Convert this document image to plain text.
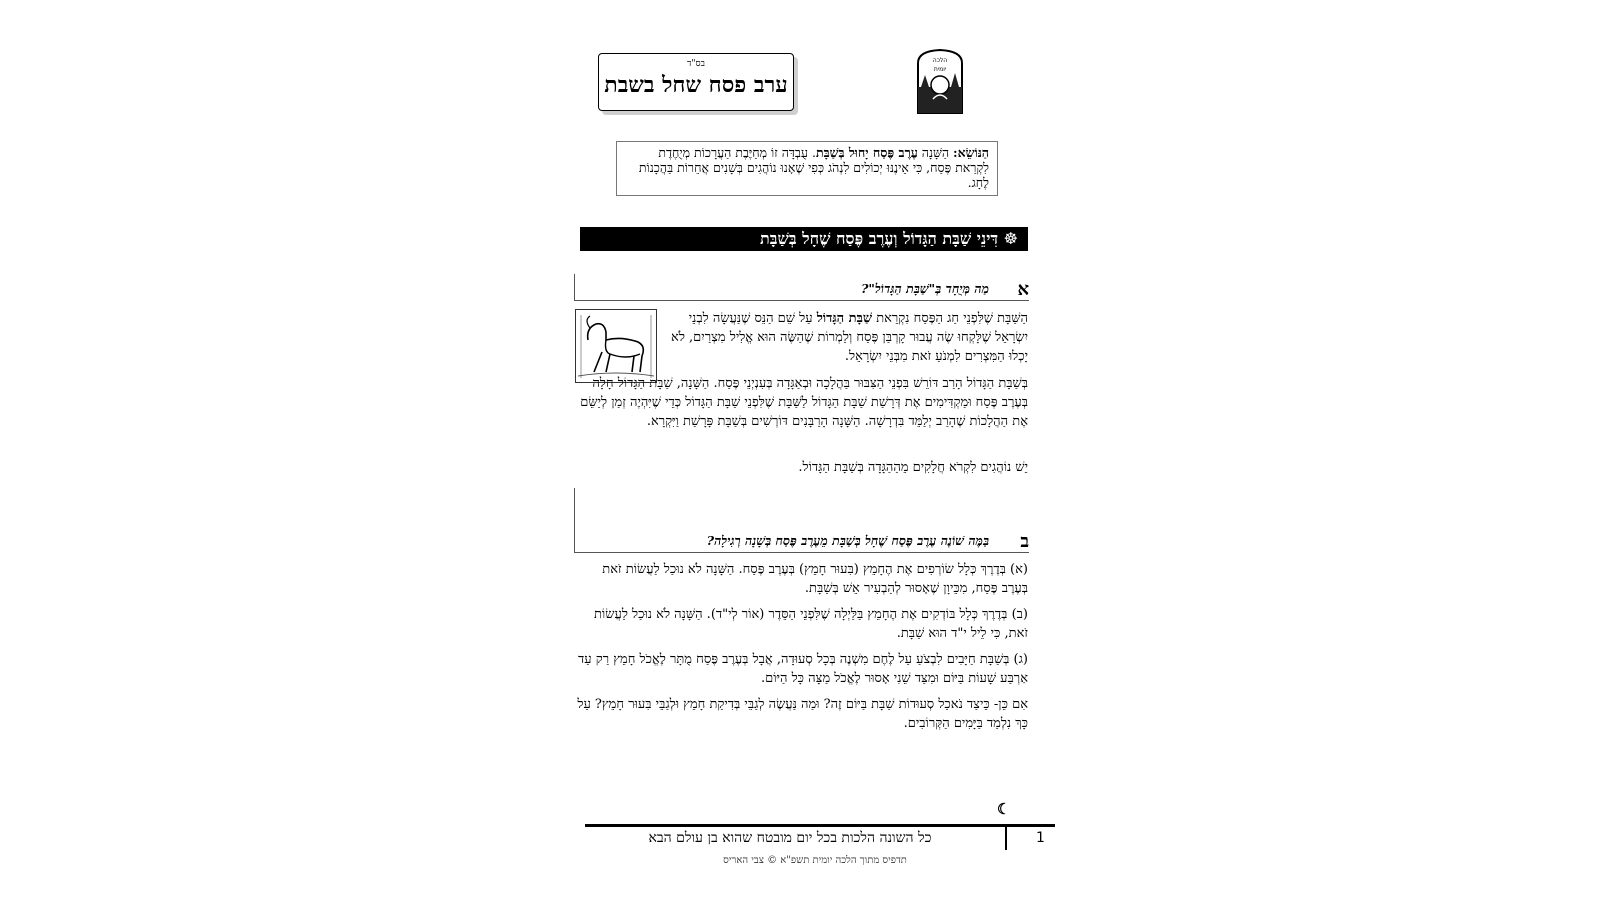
בס"ד
ערב פסח שחל בשבת
הלכה
יומית
הַנּוֹשֵׂא: הַשָּׁנָה עֶרֶב פֶּסַח יָחוּל בְּשַׁבָּת. עֻבְדָּה זוֹ מְחַיֶּבֶת הַעֲרָכוֹת מְיֻחֶדֶת לִקְרַאת פֶּסַח, כִּי אֵינֶנּוּ יְכוֹלִים לִנְהֹג כְּפִי שֶׁאָנוּ נוֹהֲגִים בְּשָׁנִים אֲחֵרוֹת בַּהֲכָנוֹת לֶחָג.
☸ דִּינֵי שַׁבָּת הַגָּדוֹל וְעֶרֶב פֶּסַח שֶׁחָל בְּשַׁבָּת
א
מַה מְּיֻחָד בְּ"שַׁבָּת הַגָּדוֹל"?
הַשַּׁבָּת שֶׁלִּפְנֵי חַג הַפֶּסַח נִקְרֵאת שַׁבָּת הַגָּדוֹל עַל שֵׁם הַנֵּס שֶׁנַּעֲשָׂה לִבְנֵי יִשְׂרָאֵל שֶׁלָּקְחוּ שֶׂה עֲבוּר קָרְבַּן פֶּסַח וְלַמְרוֹת שֶׁהַשֶּׂה הוּא אֱלִיל מִצְרַיִם, לֹא יָכְלוּ הַמִּצְרִים לִמְנֹעַ זֹאת מִבְּנֵי יִשְׂרָאֵל.
בְּשַׁבָּת הַגָּדוֹל הָרַב דּוֹרֵשׁ בִּפְנֵי הַצִּבּוּר בַּהֲלָכָה וּבְאַגָּדָה בְּעִנְיְנֵי פֶּסַח. הַשָּׁנָה, שַׁבָּת הַגָּדוֹל חָלָה בְּעֶרֶב פֶּסַח וּמַקְדִּימִים אֶת דְּרָשַׁת שַׁבָּת הַגָּדוֹל לַשַּׁבָּת שֶׁלִּפְנֵי שַׁבָּת הַגָּדוֹל כְּדֵי שֶׁיִּהְיֶה זְמַן לְיַשֵּׂם אֶת הַהֲלָכוֹת שֶׁהָרַב יְלַמֵּד בִּדְרָשָׁה. הַשָּׁנָה הָרַבָּנִים דּוֹרְשִׁים בְּשַׁבָּת פָּרָשַׁת וַיִּקְרָא.
יֵשׁ נוֹהֲגִים לִקְרֹא חֲלָקִים מֵהַהַגָּדָה בְּשַׁבָּת הַגָּדוֹל.
ב
בַּמֶּה שׁוֹנֶה עֶרֶב פֶּסַח שֶׁחָל בְּשַׁבָּת מֵעֶרֶב פֶּסַח בְּשָׁנָה רְגִילָה?
(א) בְּדֶרֶךְ כְּלָל שׂוֹרְפִים אֶת הֶחָמֵץ (בִּעוּר חָמֵץ) בְּעֶרֶב פֶּסַח. הַשָּׁנָה לֹא נוּכַל לַעֲשׂוֹת זֹאת בְּעֶרֶב פֶּסַח, מִכֵּיוָן שֶׁאָסוּר לְהַבְעִיר אֵשׁ בְּשַׁבָּת.
(ב) בְּדֶרֶךְ כְּלָל בּוֹדְקִים אֶת הֶחָמֵץ בַּלַּיְלָה שֶׁלִּפְנֵי הַסֵּדֶר (אוֹר לְי"ד). הַשָּׁנָה לֹא נוּכַל לַעֲשׂוֹת זֹאת, כִּי לֵיל י"ד הוּא שַׁבָּת.
(ג) בְּשַׁבָּת חַיָּבִים לִבְצֹעַ עַל לֶחֶם מִשְׁנֶה בְּכָל סְעוּדָה, אֲבָל בְּעֶרֶב פֶּסַח מֻתָּר לֶאֱכֹל חָמֵץ רַק עַד אַרְבַּע שָׁעוֹת בַּיּוֹם וּמִצַּד שֵׁנִי אָסוּר לֶאֱכֹל מַצָּה כָּל הַיּוֹם.
אִם כֵּן- כֵּיצַד נֹאכַל סְעוּדוֹת שַׁבָּת בַּיּוֹם זֶה? וּמַה נַּעֲשֶׂה לְגַבֵּי בְּדִיקַת חָמֵץ וּלְגַבֵּי בִּעוּר חָמֵץ? עַל כָּךְ נִלְמַד בַּיָּמִים הַקְּרוֹבִים.
☾
כל השונה הלכות בכל יום מובטח שהוא בן עולם הבא	1
תדפיס מתוך הלכה יומית תשפ"א © צבי האריס
